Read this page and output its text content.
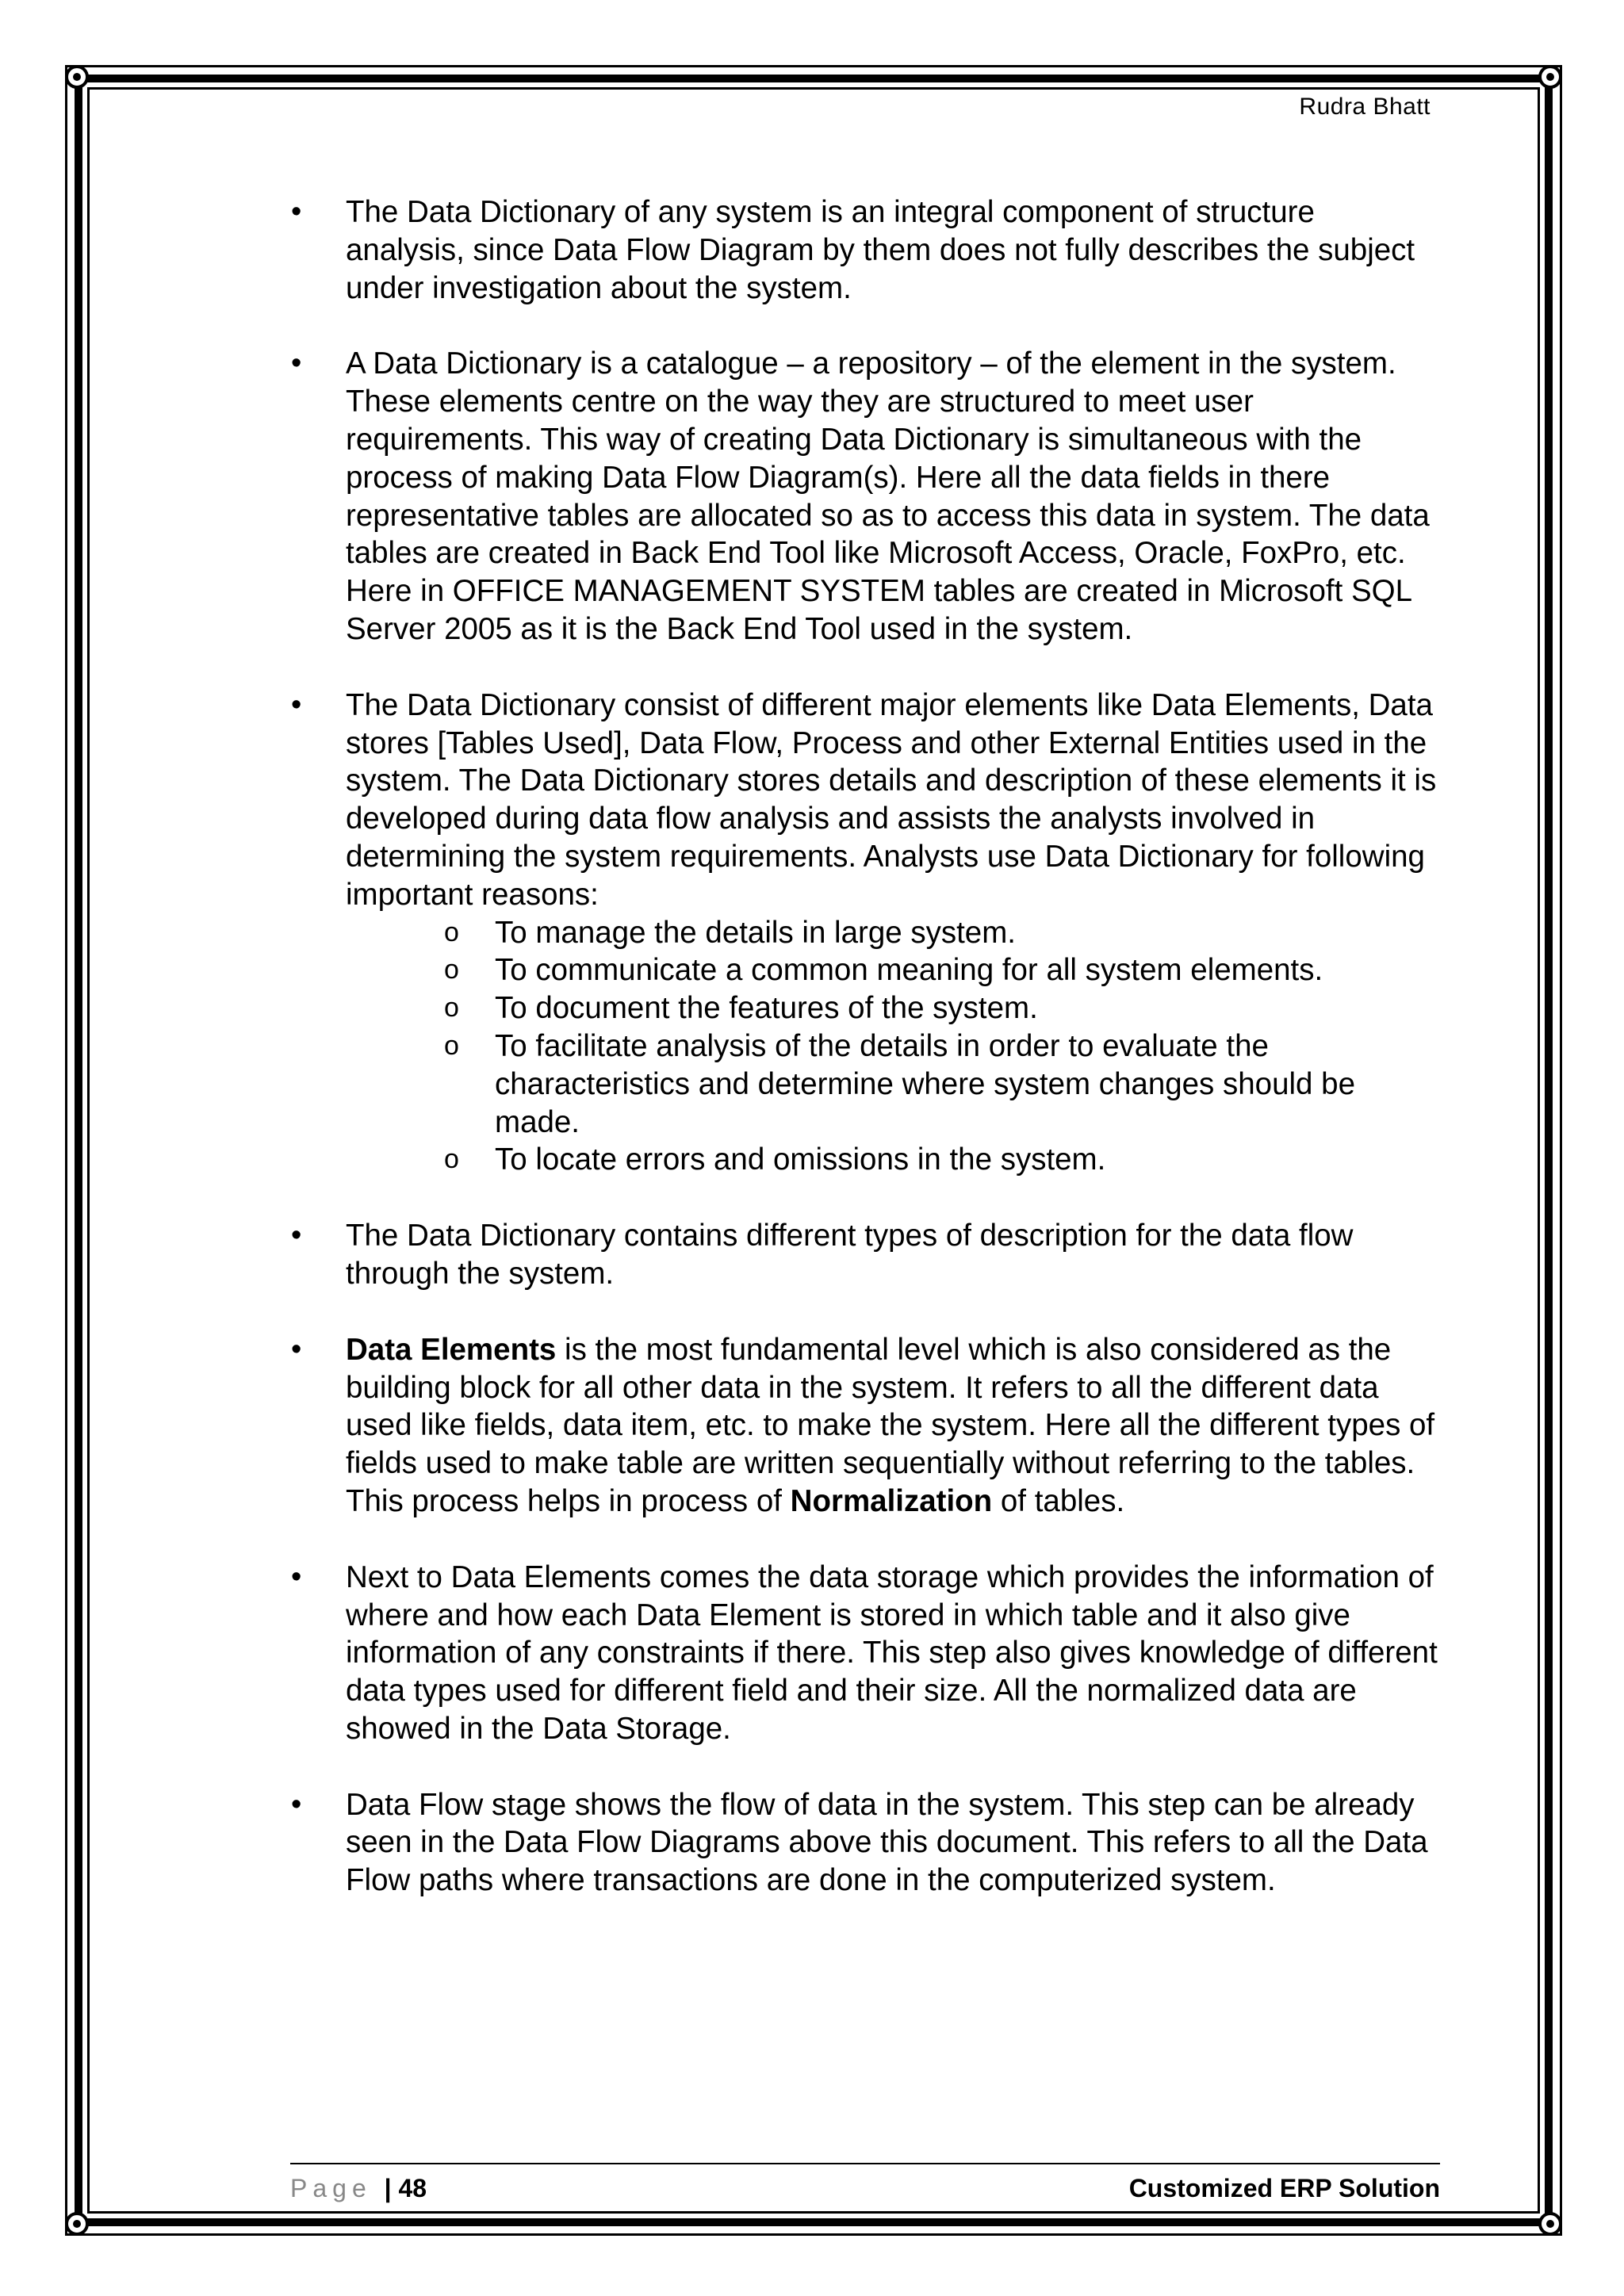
Rudra Bhatt

• The Data Dictionary of any system is an integral component of structure analysis, since Data Flow Diagram by them does not fully describes the subject under investigation about the system.

• A Data Dictionary is a catalogue – a repository – of the element in the system. These elements centre on the way they are structured to meet user requirements. This way of creating Data Dictionary is simultaneous with the process of making Data Flow Diagram(s). Here all the data fields in there representative tables are allocated so as to access this data in system. The data tables are created in Back End Tool like Microsoft Access, Oracle, FoxPro, etc. Here in OFFICE MANAGEMENT SYSTEM tables are created in Microsoft SQL Server 2005 as it is the Back End Tool used in the system.

• The Data Dictionary consist of different major elements like Data Elements, Data stores [Tables Used], Data Flow, Process and other External Entities used in the system. The Data Dictionary stores details and description of these elements it is developed during data flow analysis and assists the analysts involved in determining the system requirements. Analysts use Data Dictionary for following important reasons:

o To manage the details in large system.
o To communicate a common meaning for all system elements.
o To document the features of the system.
o To facilitate analysis of the details in order to evaluate the characteristics and determine where system changes should be made.
o To locate errors and omissions in the system.

• The Data Dictionary contains different types of description for the data flow through the system.

• Data Elements is the most fundamental level which is also considered as the building block for all other data in the system. It refers to all the different data used like fields, data item, etc. to make the system. Here all the different types of fields used to make table are written sequentially without referring to the tables. This process helps in process of Normalization of tables.

• Next to Data Elements comes the data storage which provides the information of where and how each Data Element is stored in which table and it also give information of any constraints if there. This step also gives knowledge of different data types used for different field and their size. All the normalized data are showed in the Data Storage.

• Data Flow stage shows the flow of data in the system. This step can be already seen in the Data Flow Diagrams above this document. This refers to all the Data Flow paths where transactions are done in the computerized system.

Page | 48	Customized ERP Solution
